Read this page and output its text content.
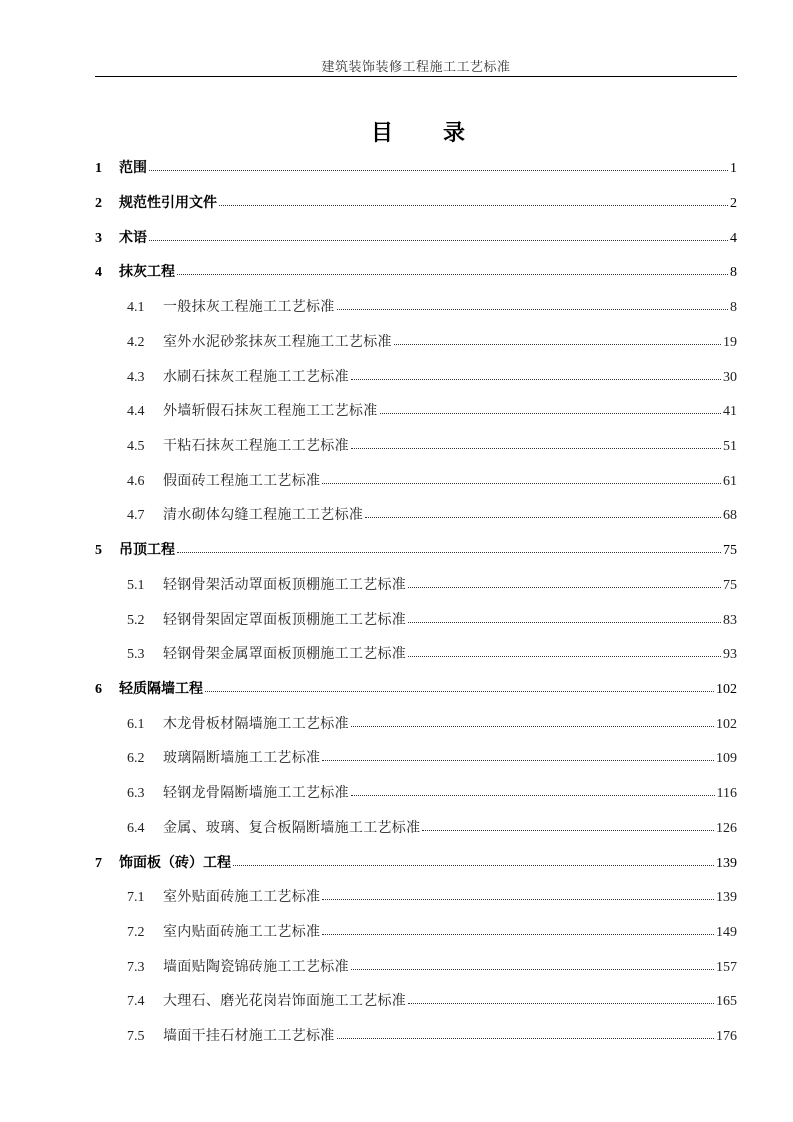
建筑装饰装修工程施工工艺标准
目 录
1	范围	1
2	规范性引用文件	2
3	术语	4
4	抹灰工程	8
4.1	一般抹灰工程施工工艺标准	8
4.2	室外水泥砂浆抹灰工程施工工艺标准	19
4.3	水刷石抹灰工程施工工艺标准	30
4.4	外墙斩假石抹灰工程施工工艺标准	41
4.5	干粘石抹灰工程施工工艺标准	51
4.6	假面砖工程施工工艺标准	61
4.7	清水砌体勾缝工程施工工艺标准	68
5	吊顶工程	75
5.1	轻钢骨架活动罩面板顶棚施工工艺标准	75
5.2	轻钢骨架固定罩面板顶棚施工工艺标准	83
5.3	轻钢骨架金属罩面板顶棚施工工艺标准	93
6	轻质隔墙工程	102
6.1	木龙骨板材隔墙施工工艺标准	102
6.2	玻璃隔断墙施工工艺标准	109
6.3	轻钢龙骨隔断墙施工工艺标准	116
6.4	金属、玻璃、复合板隔断墙施工工艺标准	126
7	饰面板（砖）工程	139
7.1	室外贴面砖施工工艺标准	139
7.2	室内贴面砖施工工艺标准	149
7.3	墙面贴陶瓷锦砖施工工艺标准	157
7.4	大理石、磨光花岗岩饰面施工工艺标准	165
7.5	墙面干挂石材施工工艺标准	176
